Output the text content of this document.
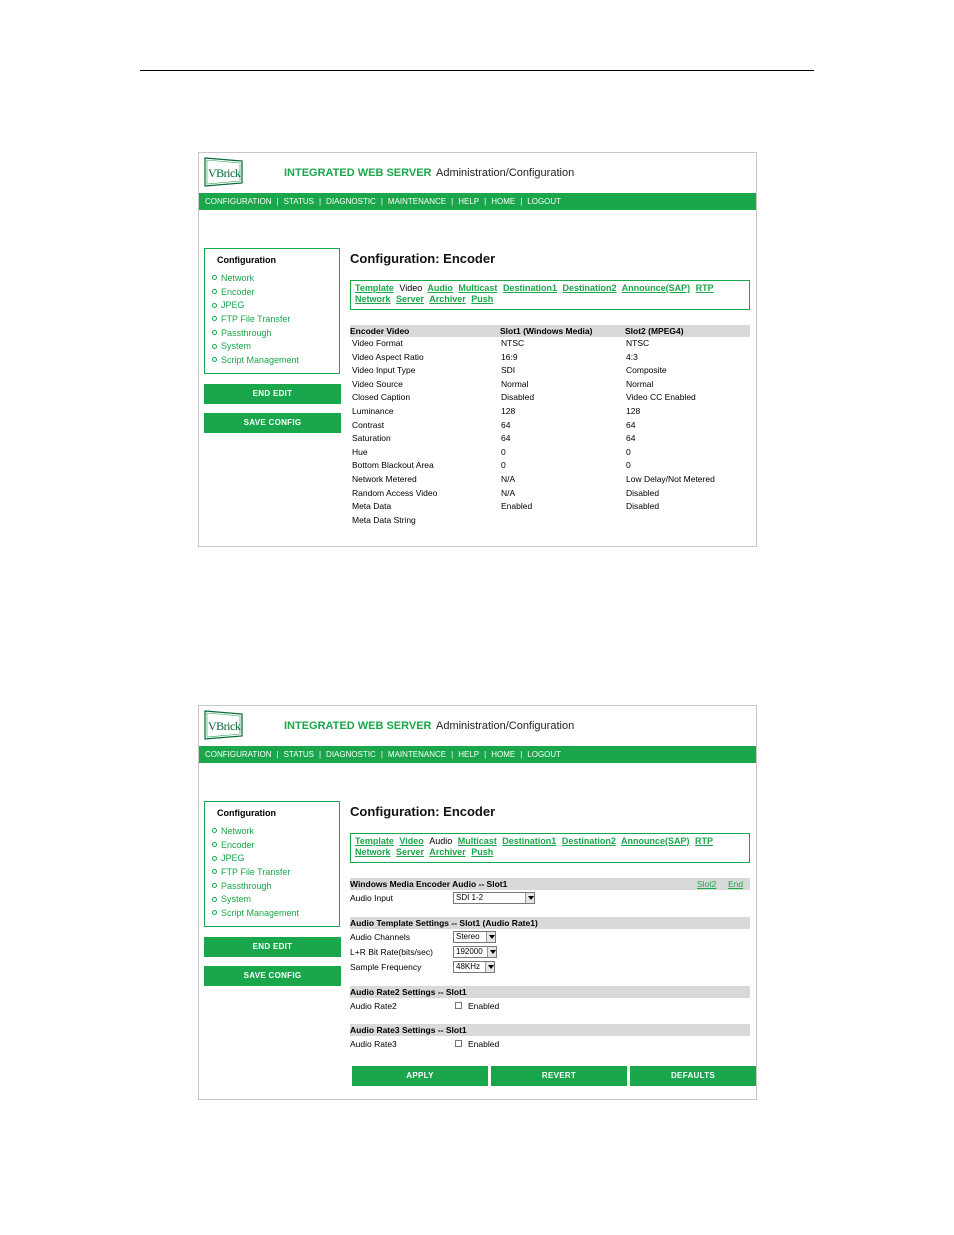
VBrick	INTEGRATED WEB SERVER Administration/Configuration
CONFIGURATION | STATUS | DIAGNOSTIC | MAINTENANCE | HELP | HOME | LOGOUT
Configuration
Network
Encoder
JPEG
FTP File Transfer
Passthrough
System
Script Management
END EDIT
SAVE CONFIG
Configuration: Encoder
Template Video Audio Multicast Destination1 Destination2 Announce(SAP) RTP
Network Server Archiver Push
Encoder Video	Slot1 (Windows Media)	Slot2 (MPEG4)
Video Format	NTSC	NTSC
Video Aspect Ratio	16:9	4:3
Video Input Type	SDI	Composite
Video Source	Normal	Normal
Closed Caption	Disabled	Video CC Enabled
Luminance	128	128
Contrast	64	64
Saturation	64	64
Hue	0	0
Bottom Blackout Area	0	0
Network Metered	N/A	Low Delay/Not Metered
Random Access Video	N/A	Disabled
Meta Data	Enabled	Disabled
Meta Data String
VBrick	INTEGRATED WEB SERVER Administration/Configuration
CONFIGURATION | STATUS | DIAGNOSTIC | MAINTENANCE | HELP | HOME | LOGOUT
Configuration
Network
Encoder
JPEG
FTP File Transfer
Passthrough
System
Script Management
END EDIT
SAVE CONFIG
Configuration: Encoder
Template Video Audio Multicast Destination1 Destination2 Announce(SAP) RTP
Network Server Archiver Push
Windows Media Encoder Audio -- Slot1	Slot2 End
Audio Input	SDI 1-2
Audio Template Settings -- Slot1 (Audio Rate1)
Audio Channels	Stereo
L+R Bit Rate(bits/sec)	192000
Sample Frequency	48KHz
Audio Rate2 Settings -- Slot1
Audio Rate2	Enabled
Audio Rate3 Settings -- Slot1
Audio Rate3	Enabled
APPLY	REVERT	DEFAULTS
